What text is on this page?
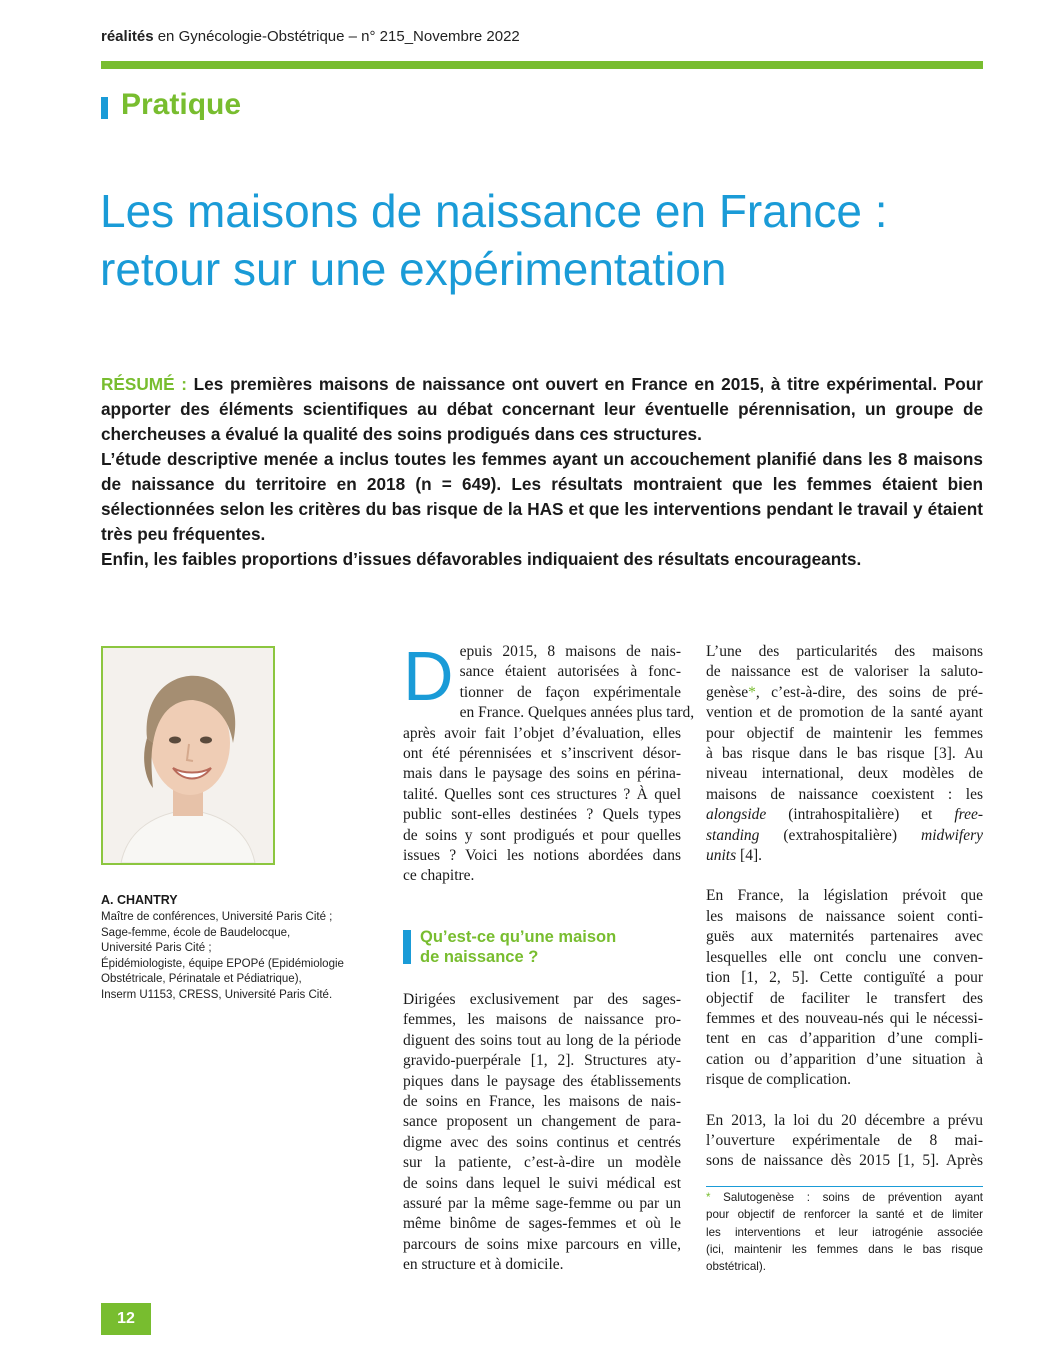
réalités en Gynécologie-Obstétrique – n° 215_Novembre 2022
Pratique
Les maisons de naissance en France :
retour sur une expérimentation

RÉSUMÉ : Les premières maisons de naissance ont ouvert en France en 2015, à titre expérimental. Pour apporter des éléments scientifiques au débat concernant leur éventuelle pérennisation, un groupe de chercheuses a évalué la qualité des soins prodigués dans ces structures.

L’étude descriptive menée a inclus toutes les femmes ayant un accouchement planifié dans les 8 maisons de naissance du territoire en 2018 (n = 649). Les résultats montraient que les femmes étaient bien sélectionnées selon les critères du bas risque de la HAS et que les interventions pendant le travail y étaient très peu fréquentes.

Enfin, les faibles proportions d’issues défavorables indiquaient des résultats encourageants.

A. CHANTRY
Maître de conférences, Université Paris Cité ;
Sage-femme, école de Baudelocque,
Université Paris Cité ;
Épidémiologiste, équipe EPOPé (Epidémiologie
Obstétricale, Périnatale et Pédiatrique),
Inserm U1153, CRESS, Université Paris Cité.
D epuis 2015, 8 maisons de nais-
sance étaient autorisées à fonc-
tionner de façon expérimentale
en France. Quelques années plus tard,
après avoir fait l’objet d’évaluation, elles
ont été pérennisées et s’inscrivent désor-
mais dans le paysage des soins en périna-
talité. Quelles sont ces structures ? À quel
public sont-elles destinées ? Quels types
de soins y sont prodigués et pour quelles
issues ? Voici les notions abordées dans
ce chapitre.
Qu’est-ce qu’une maison
de naissance ?
Dirigées exclusivement par des sages-
femmes, les maisons de naissance pro-
diguent des soins tout au long de la période
gravido-puerpérale [1, 2]. Structures aty-
piques dans le paysage des établissements
de soins en France, les maisons de nais-
sance proposent un changement de para-
digme avec des soins continus et centrés
sur la patiente, c’est-à-dire un modèle
de soins dans lequel le suivi médical est
assuré par la même sage-femme ou par un
même binôme de sages-femmes et où le
parcours de soins mixe parcours en ville,
en structure et à domicile.
L’une des particularités des maisons
de naissance est de valoriser la saluto-
genèse*, c’est-à-dire, des soins de pré-
vention et de promotion de la santé ayant
pour objectif de maintenir les femmes
à bas risque dans le bas risque [3]. Au
niveau international, deux modèles de
maisons de naissance coexistent : les
alongside (intrahospitalière) et free-
standing (extrahospitalière) midwifery
units [4].
En France, la législation prévoit que
les maisons de naissance soient conti-
guës aux maternités partenaires avec
lesquelles elle ont conclu une conven-
tion [1, 2, 5]. Cette contiguïté a pour
objectif de faciliter le transfert des
femmes et des nouveau-nés qui le nécessi-
tent en cas d’apparition d’une compli-
cation ou d’apparition d’une situation à
risque de complication.
En 2013, la loi du 20 décembre a prévu
l’ouverture expérimentale de 8 mai-
sons de naissance dès 2015 [1, 5]. Après
* Salutogenèse : soins de prévention ayant
pour objectif de renforcer la santé et de limiter
les interventions et leur iatrogénie associée
(ici, maintenir les femmes dans le bas risque
obstétrical).
12
